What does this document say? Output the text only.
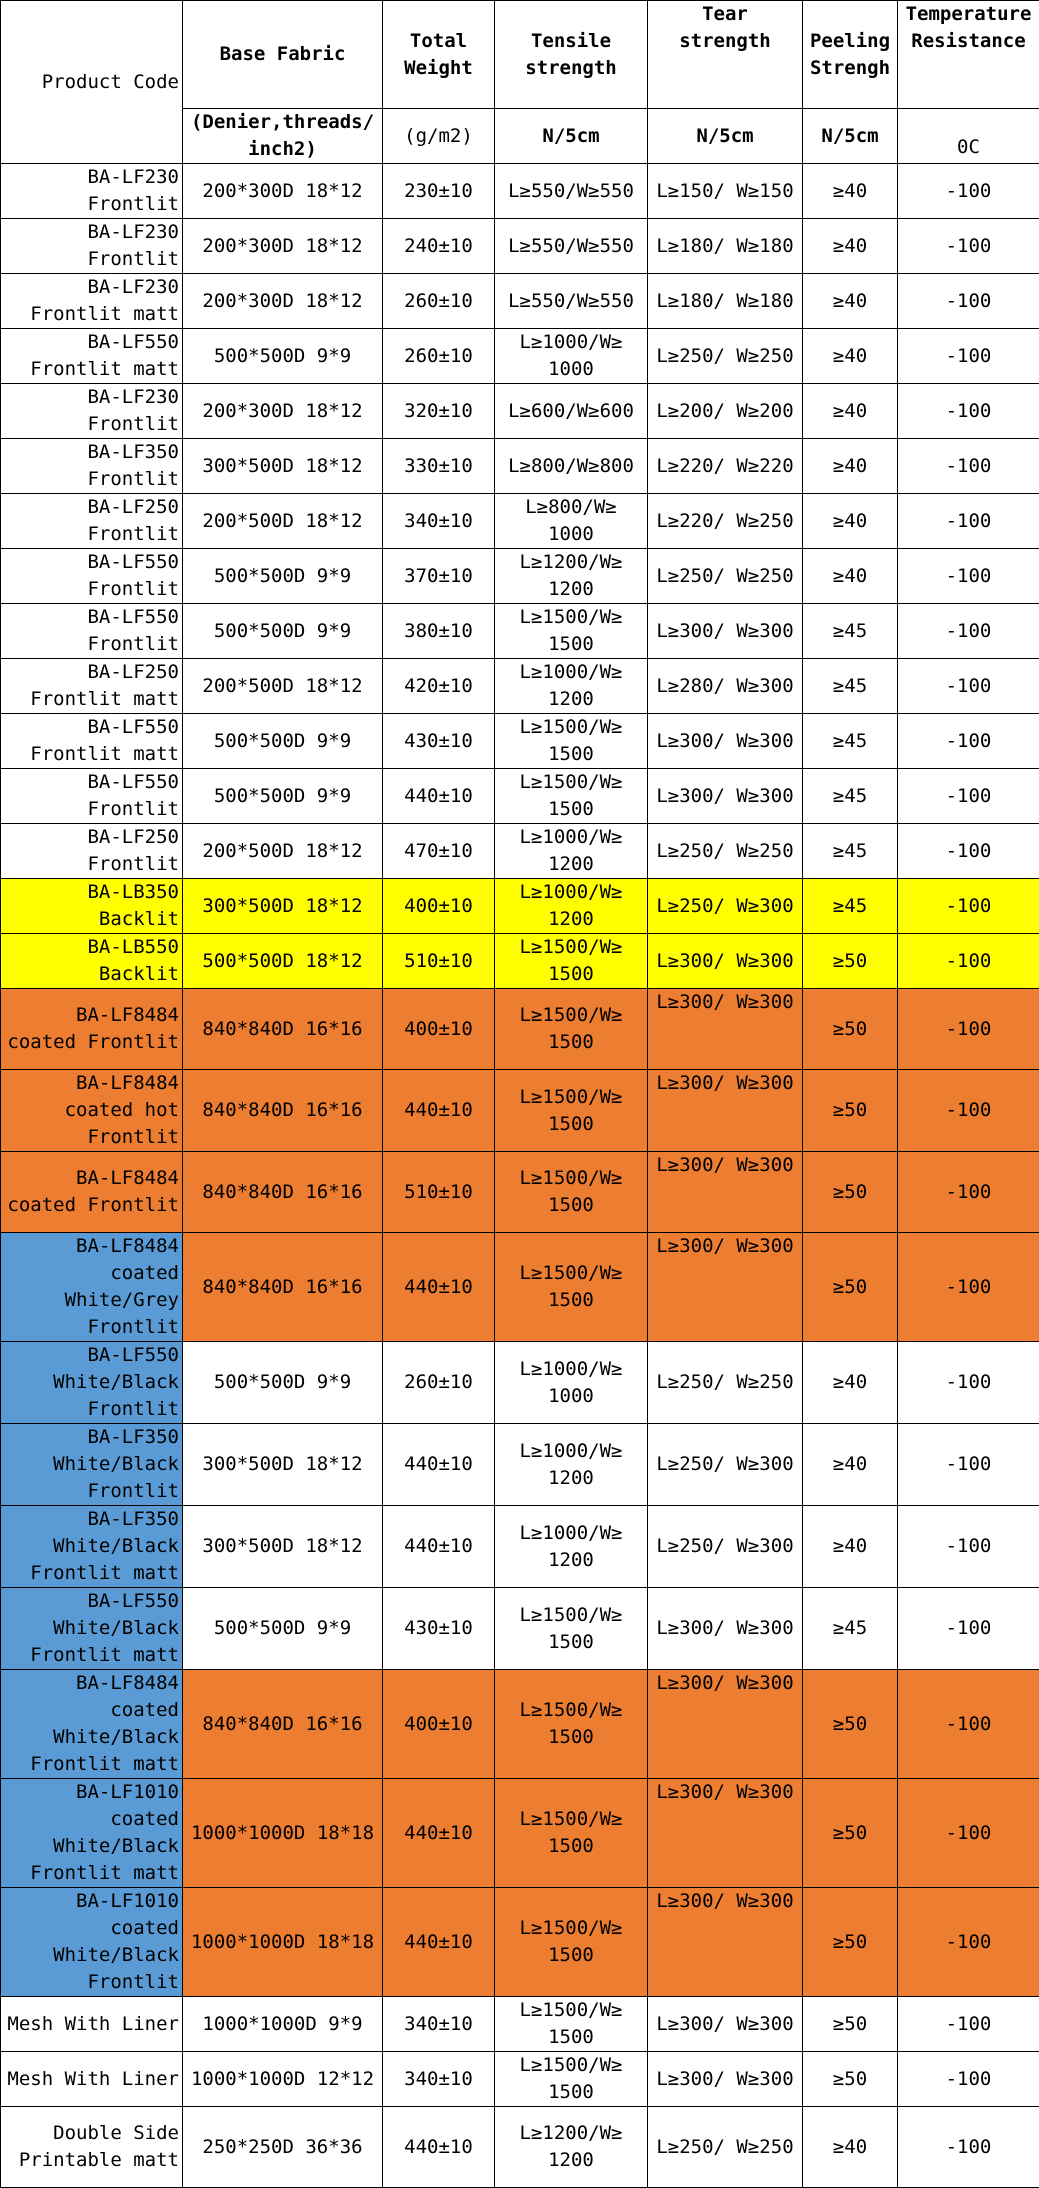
Product Code	Base Fabric	Total Weight	Tensile strength	Tear strength	Peeling Strengh	Temperature Resistance
	(Denier,threads/ inch2)	(g/m2)	N/5cm	N/5cm	N/5cm	0C
BA-LF230 Frontlit	200*300D 18*12	230±10	L≥550/W≥550	L≥150/ W≥150	≥40	-100
BA-LF230 Frontlit	200*300D 18*12	240±10	L≥550/W≥550	L≥180/ W≥180	≥40	-100
BA-LF230 Frontlit matt	200*300D 18*12	260±10	L≥550/W≥550	L≥180/ W≥180	≥40	-100
BA-LF550 Frontlit matt	500*500D 9*9	260±10	L≥1000/W≥ 1000	L≥250/ W≥250	≥40	-100
BA-LF230 Frontlit	200*300D 18*12	320±10	L≥600/W≥600	L≥200/ W≥200	≥40	-100
BA-LF350 Frontlit	300*500D 18*12	330±10	L≥800/W≥800	L≥220/ W≥220	≥40	-100
BA-LF250 Frontlit	200*500D 18*12	340±10	L≥800/W≥ 1000	L≥220/ W≥250	≥40	-100
BA-LF550 Frontlit	500*500D 9*9	370±10	L≥1200/W≥ 1200	L≥250/ W≥250	≥40	-100
BA-LF550 Frontlit	500*500D 9*9	380±10	L≥1500/W≥ 1500	L≥300/ W≥300	≥45	-100
BA-LF250 Frontlit matt	200*500D 18*12	420±10	L≥1000/W≥ 1200	L≥280/ W≥300	≥45	-100
BA-LF550 Frontlit matt	500*500D 9*9	430±10	L≥1500/W≥ 1500	L≥300/ W≥300	≥45	-100
BA-LF550 Frontlit	500*500D 9*9	440±10	L≥1500/W≥ 1500	L≥300/ W≥300	≥45	-100
BA-LF250 Frontlit	200*500D 18*12	470±10	L≥1000/W≥ 1200	L≥250/ W≥250	≥45	-100
BA-LB350 Backlit	300*500D 18*12	400±10	L≥1000/W≥ 1200	L≥250/ W≥300	≥45	-100
BA-LB550 Backlit	500*500D 18*12	510±10	L≥1500/W≥ 1500	L≥300/ W≥300	≥50	-100
BA-LF8484 coated Frontlit	840*840D 16*16	400±10	L≥1500/W≥ 1500	L≥300/ W≥300	≥50	-100
BA-LF8484 coated hot Frontlit	840*840D 16*16	440±10	L≥1500/W≥ 1500	L≥300/ W≥300	≥50	-100
BA-LF8484 coated Frontlit	840*840D 16*16	510±10	L≥1500/W≥ 1500	L≥300/ W≥300	≥50	-100
BA-LF8484 coated White/Grey Frontlit	840*840D 16*16	440±10	L≥1500/W≥ 1500	L≥300/ W≥300	≥50	-100
BA-LF550 White/Black Frontlit	500*500D 9*9	260±10	L≥1000/W≥ 1000	L≥250/ W≥250	≥40	-100
BA-LF350 White/Black Frontlit	300*500D 18*12	440±10	L≥1000/W≥ 1200	L≥250/ W≥300	≥40	-100
BA-LF350 White/Black Frontlit matt	300*500D 18*12	440±10	L≥1000/W≥ 1200	L≥250/ W≥300	≥40	-100
BA-LF550 White/Black Frontlit matt	500*500D 9*9	430±10	L≥1500/W≥ 1500	L≥300/ W≥300	≥45	-100
BA-LF8484 coated White/Black Frontlit matt	840*840D 16*16	400±10	L≥1500/W≥ 1500	L≥300/ W≥300	≥50	-100
BA-LF1010 coated White/Black Frontlit matt	1000*1000D 18*18	440±10	L≥1500/W≥ 1500	L≥300/ W≥300	≥50	-100
BA-LF1010 coated White/Black Frontlit	1000*1000D 18*18	440±10	L≥1500/W≥ 1500	L≥300/ W≥300	≥50	-100
Mesh With Liner	1000*1000D 9*9	340±10	L≥1500/W≥ 1500	L≥300/ W≥300	≥50	-100
Mesh With Liner	1000*1000D 12*12	340±10	L≥1500/W≥ 1500	L≥300/ W≥300	≥50	-100
Double Side Printable matt	250*250D 36*36	440±10	L≥1200/W≥ 1200	L≥250/ W≥250	≥40	-100
